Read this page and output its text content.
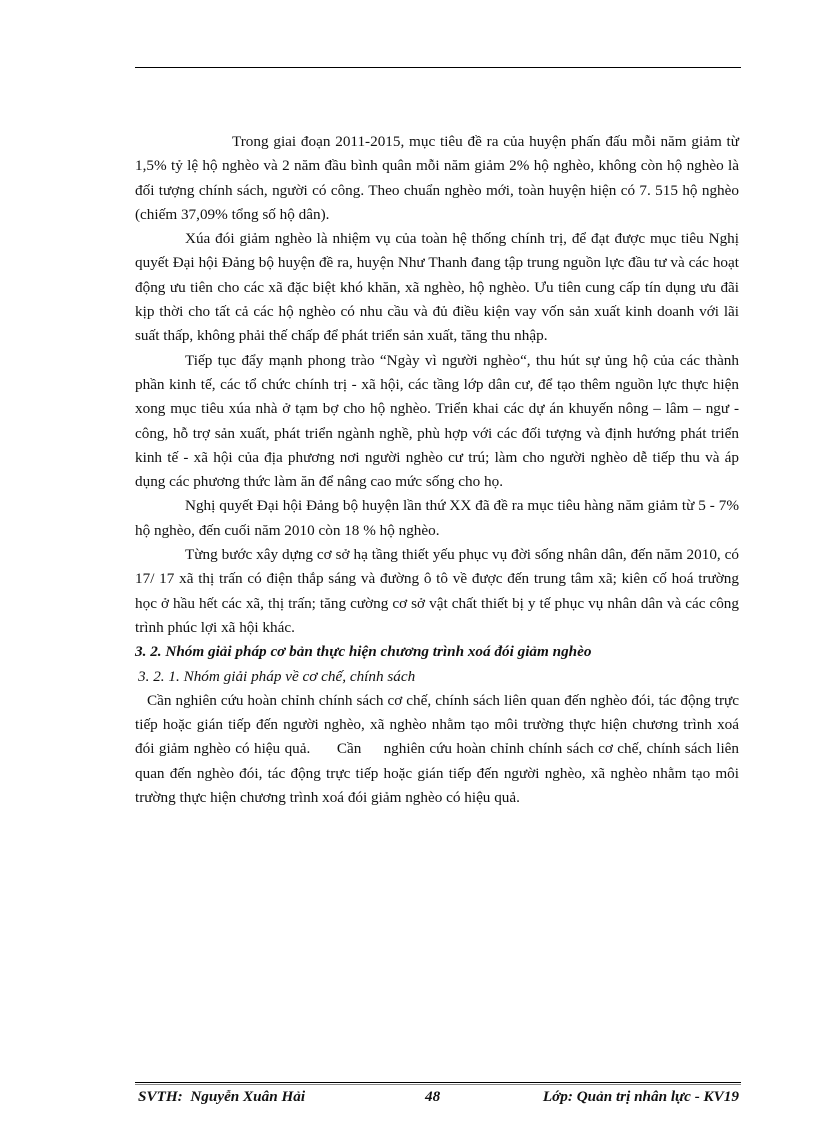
Trong giai đoạn 2011-2015, mục tiêu đề ra của huyện phấn đấu mỗi năm giảm từ 1,5% tỷ lệ hộ nghèo và 2 năm đầu bình quân mỗi năm giảm 2% hộ nghèo, không còn hộ nghèo là đối tượng chính sách, người có công. Theo chuẩn nghèo mới, toàn huyện hiện có 7. 515 hộ nghèo (chiếm 37,09% tổng số hộ dân).

Xúa đói giảm nghèo là nhiệm vụ của toàn hệ thống chính trị, để đạt được mục tiêu Nghị quyết Đại hội Đảng bộ huyện đề ra, huyện Như Thanh đang tập trung nguồn lực đầu tư và các hoạt động ưu tiên cho các xã đặc biệt khó khăn, xã nghèo, hộ nghèo. Ưu tiên cung cấp tín dụng ưu đãi kịp thời cho tất cả các hộ nghèo có nhu cầu và đủ điều kiện vay vốn sản xuất kinh doanh với lãi suất thấp, không phải thế chấp để phát triển sản xuất, tăng thu nhập.

Tiếp tục đẩy mạnh phong trào “Ngày vì người nghèo“, thu hút sự ủng hộ của các thành phần kinh tế, các tổ chức chính trị - xã hội, các tầng lớp dân cư, để tạo thêm nguồn lực thực hiện xong mục tiêu xúa nhà ở tạm bợ cho hộ nghèo. Triển khai các dự án khuyến nông – lâm – ngư - công, hỗ trợ sản xuất, phát triển ngành nghề, phù hợp với các đối tượng và định hướng phát triển kinh tế - xã hội của địa phương nơi người nghèo cư trú; làm cho người nghèo dễ tiếp thu và áp dụng các phương thức làm ăn để nâng cao mức sống cho họ.

Nghị quyết Đại hội Đảng bộ huyện lần thứ XX đã đề ra mục tiêu hàng năm giảm từ 5 - 7% hộ nghèo, đến cuối năm 2010 còn 18 % hộ nghèo.

Từng bước xây dựng cơ sở hạ tầng thiết yếu phục vụ đời sống nhân dân, đến năm 2010, có 17/ 17 xã thị trấn có điện thắp sáng và đường ô tô về được đến trung tâm xã; kiên cố hoá trường học ở hầu hết các xã, thị trấn; tăng cường cơ sở vật chất thiết bị y tế phục vụ nhân dân và các công trình phúc lợi xã hội khác.

3. 2. Nhóm giải pháp cơ bản thực hiện chương trình xoá đói giảm nghèo

3. 2. 1. Nhóm giải pháp về cơ chế, chính sách

Cần nghiên cứu hoàn chỉnh chính sách cơ chế, chính sách liên quan đến nghèo đói, tác động trực tiếp hoặc gián tiếp đến người nghèo, xã nghèo nhằm tạo môi trường thực hiện chương trình xoá đói giảm nghèo có hiệu quả.      Cần     nghiên cứu hoàn chỉnh chính sách cơ chế, chính sách liên quan đến nghèo đói, tác động trực tiếp hoặc gián tiếp đến người nghèo, xã nghèo nhằm tạo môi trường thực hiện chương trình xoá đói giảm nghèo có hiệu quả.

SVTH:  Nguyễn Xuân Hải	48	Lớp: Quản trị nhân lực - KV19
